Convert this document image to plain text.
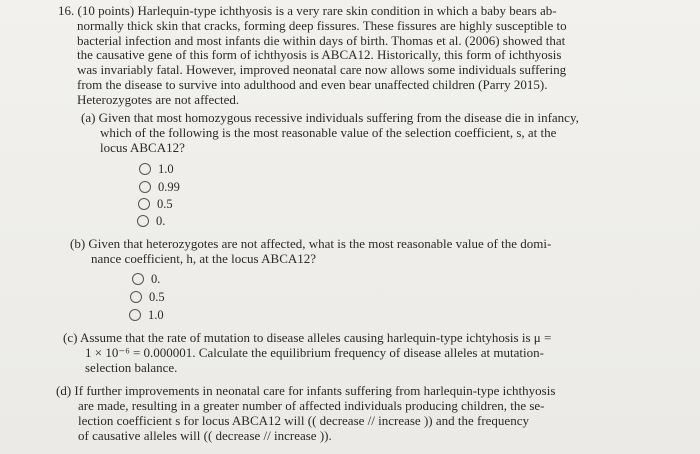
16. (10 points) Harlequin-type ichthyosis is a very rare skin condition in which a baby bears ab-
normally thick skin that cracks, forming deep fissures. These fissures are highly susceptible to
bacterial infection and most infants die within days of birth. Thomas et al. (2006) showed that
the causative gene of this form of ichthyosis is ABCA12. Historically, this form of ichthyosis
was invariably fatal. However, improved neonatal care now allows some individuals suffering
from the disease to survive into adulthood and even bear unaffected children (Parry 2015).
Heterozygotes are not affected.
(a) Given that most homozygous recessive individuals suffering from the disease die in infancy,
which of the following is the most reasonable value of the selection coefficient, s, at the
locus ABCA12?
1.0
0.99
0.5
0.
(b) Given that heterozygotes are not affected, what is the most reasonable value of the domi-
nance coefficient, h, at the locus ABCA12?
0.
0.5
1.0
(c) Assume that the rate of mutation to disease alleles causing harlequin-type ichtyhosis is μ =
1 × 10⁻⁶ = 0.000001. Calculate the equilibrium frequency of disease alleles at mutation-
selection balance.
(d) If further improvements in neonatal care for infants suffering from harlequin-type ichthyosis
are made, resulting in a greater number of affected individuals producing children, the se-
lection coefficient s for locus ABCA12 will (( decrease // increase )) and the frequency
of causative alleles will (( decrease // increase )).
